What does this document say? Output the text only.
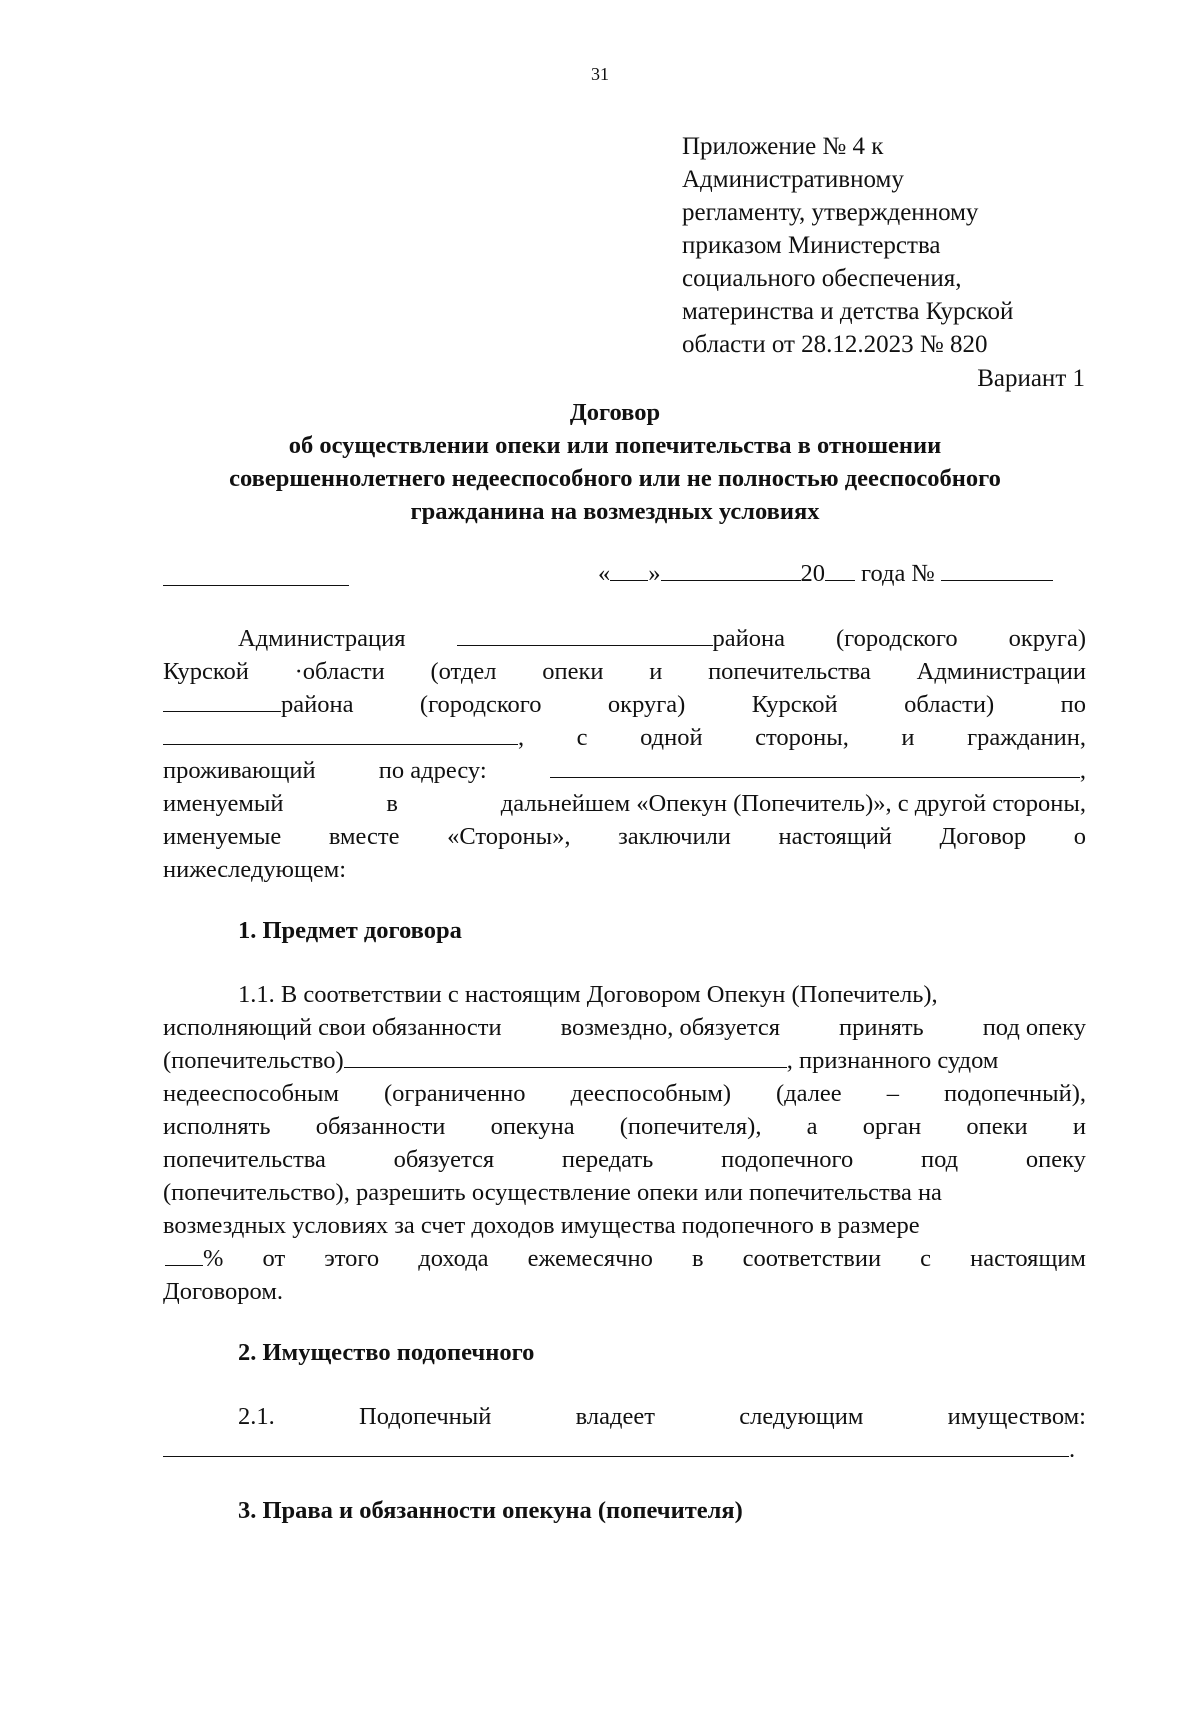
31
Приложение № 4 к
Административному
регламенту, утвержденному
приказом Министерства
социального обеспечения,
материнства и детства Курской
области от 28.12.2023 № 820
Вариант 1
Договор
об осуществлении опеки или попечительства в отношении
совершеннолетнего недееспособного или не полностью дееспособного
гражданина на возмездных условиях
« »	20 года №
Администрация	района (городского округа)
Курской ·области (отдел опеки и попечительства Администрации
района	(городского	округа)	Курской	области)	по
, с одной стороны, и гражданин,
проживающий	по адресу:	,
именуемый	в	дальнейшем «Опекун (Попечитель)», с другой стороны,
именуемые вместе «Стороны», заключили настоящий Договор о
нижеследующем:
1. Предмет договора
1.1. В соответствии с настоящим Договором Опекун (Попечитель),
исполняющий свои обязанности возмездно, обязуется принять под опеку
(попечительство)	, признанного судом
недееспособным (ограниченно дееспособным) (далее – подопечный),
исполнять обязанности опекуна (попечителя), а орган опеки и
попечительства	обязуется	передать	подопечного	под	опеку
(попечительство), разрешить осуществление опеки или попечительства на
возмездных условиях за счет доходов имущества подопечного в размере
% от этого дохода ежемесячно в соответствии с настоящим
Договором.
2. Имущество подопечного
2.1.	Подопечный	владеет	следующим	имуществом:
.
3. Права и обязанности опекуна (попечителя)
